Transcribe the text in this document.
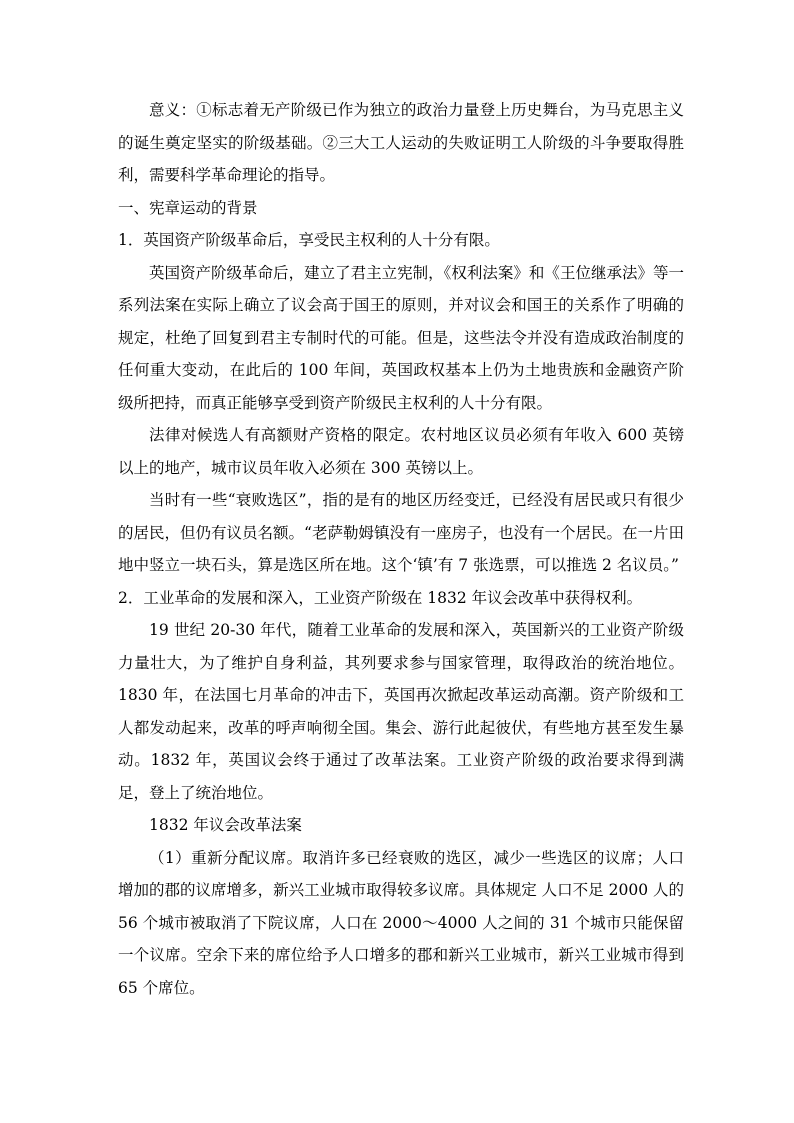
意义：①标志着无产阶级已作为独立的政治力量登上历史舞台，为马克思主义的诞生奠定坚实的阶级基础。②三大工人运动的失败证明工人阶级的斗争要取得胜利，需要科学革命理论的指导。

一、宪章运动的背景

1．英国资产阶级革命后，享受民主权利的人十分有限。

英国资产阶级革命后，建立了君主立宪制，《权利法案》和《王位继承法》等一系列法案在实际上确立了议会高于国王的原则，并对议会和国王的关系作了明确的规定，杜绝了回复到君主专制时代的可能。但是，这些法令并没有造成政治制度的任何重大变动，在此后的 100 年间，英国政权基本上仍为土地贵族和金融资产阶级所把持，而真正能够享受到资产阶级民主权利的人十分有限。

法律对候选人有高额财产资格的限定。农村地区议员必须有年收入 600 英镑以上的地产，城市议员年收入必须在 300 英镑以上。

当时有一些“衰败选区”，指的是有的地区历经变迁，已经没有居民或只有很少的居民，但仍有议员名额。“老萨勒姆镇没有一座房子，也没有一个居民。在一片田地中竖立一块石头，算是选区所在地。这个‘镇’有 7 张选票，可以推选 2 名议员。”

2．工业革命的发展和深入，工业资产阶级在 1832 年议会改革中获得权利。

19 世纪 20-30 年代，随着工业革命的发展和深入，英国新兴的工业资产阶级力量壮大，为了维护自身利益，其列要求参与国家管理，取得政治的统治地位。1830 年，在法国七月革命的冲击下，英国再次掀起改革运动高潮。资产阶级和工人都发动起来，改革的呼声响彻全国。集会、游行此起彼伏，有些地方甚至发生暴动。1832 年，英国议会终于通过了改革法案。工业资产阶级的政治要求得到满足，登上了统治地位。

1832 年议会改革法案

（1）重新分配议席。取消许多已经衰败的选区，减少一些选区的议席；人口增加的郡的议席增多，新兴工业城市取得较多议席。具体规定 人口不足 2000 人的 56 个城市被取消了下院议席，人口在 2000～4000 人之间的 31 个城市只能保留一个议席。空余下来的席位给予人口增多的郡和新兴工业城市，新兴工业城市得到 65 个席位。
